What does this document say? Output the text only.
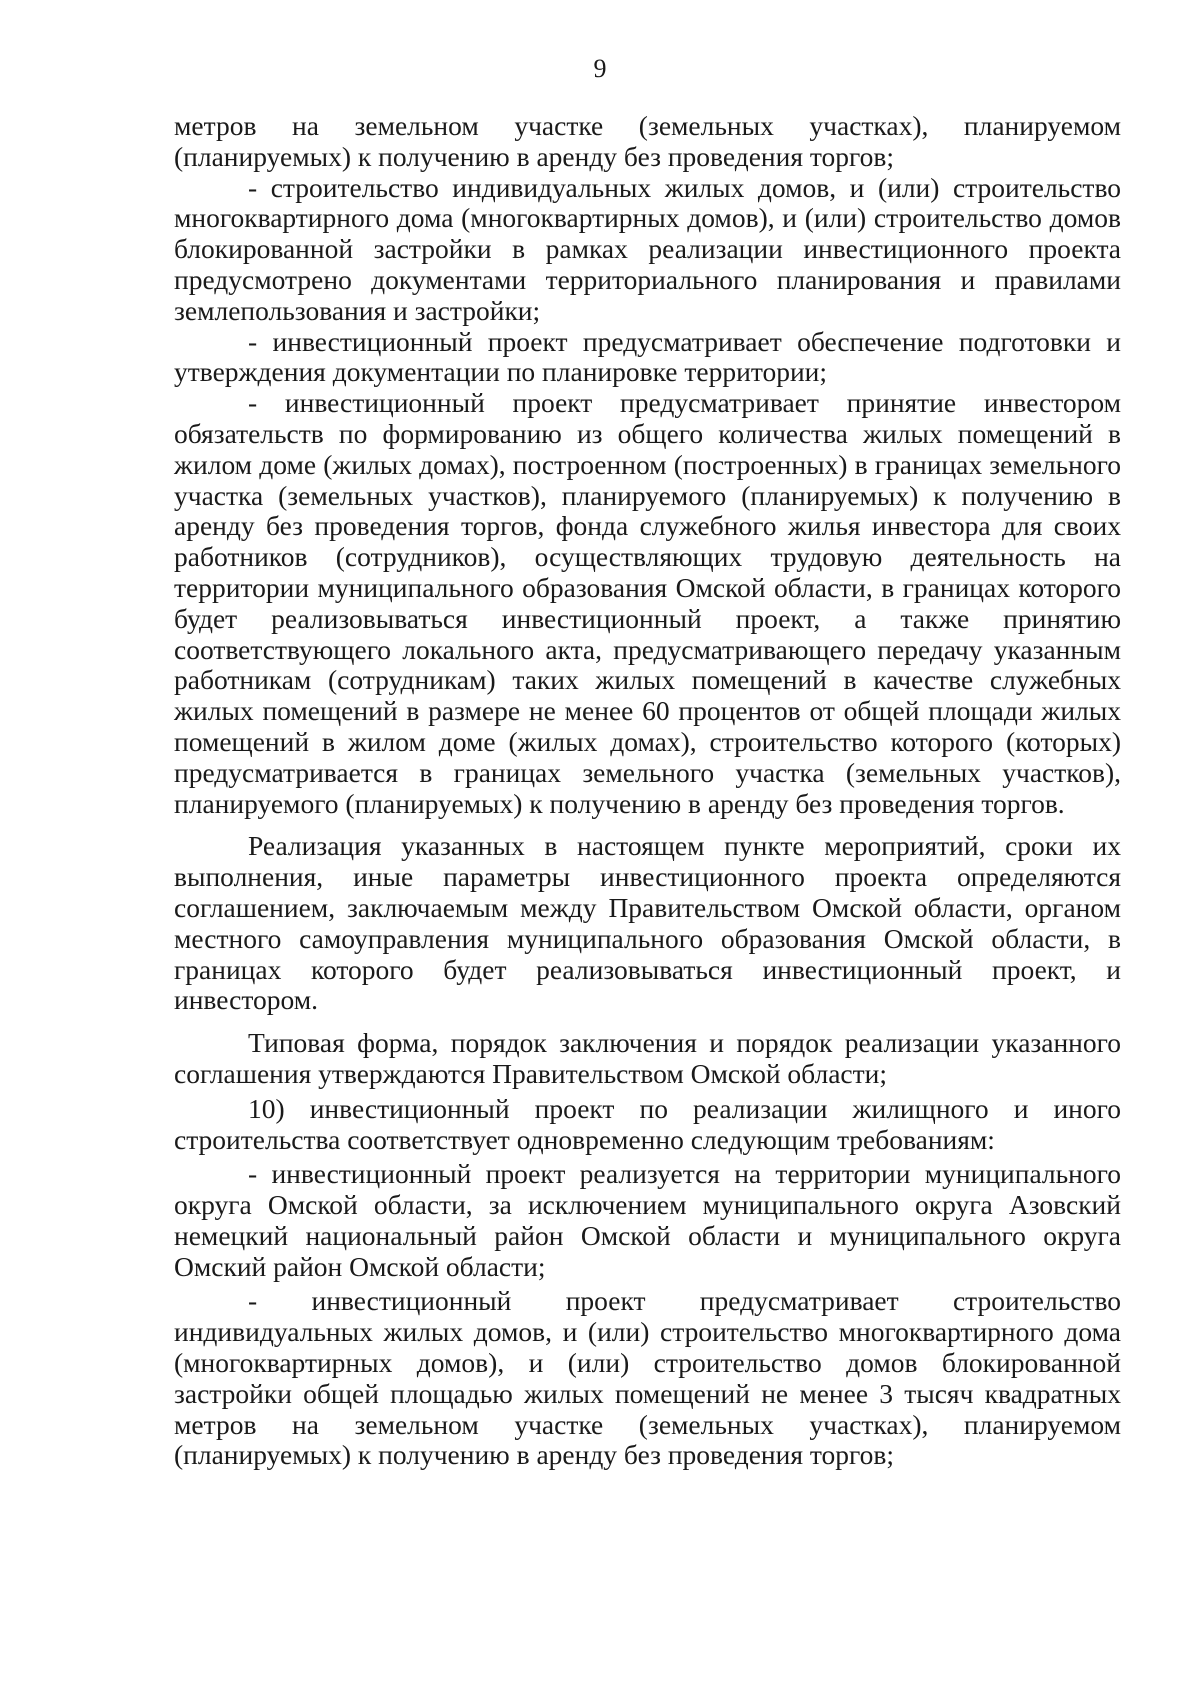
9

метров на земельном участке (земельных участках), планируемом (планируемых) к получению в аренду без проведения торгов;

- строительство индивидуальных жилых домов, и (или) строительство многоквартирного дома (многоквартирных домов), и (или) строительство домов блокированной застройки в рамках реализации инвестиционного проекта предусмотрено документами территориального планирования и правилами землепользования и застройки;

- инвестиционный проект предусматривает обеспечение подготовки и утверждения документации по планировке территории;

- инвестиционный проект предусматривает принятие инвестором обязательств по формированию из общего количества жилых помещений в жилом доме (жилых домах), построенном (построенных) в границах земельного участка (земельных участков), планируемого (планируемых) к получению в аренду без проведения торгов, фонда служебного жилья инвестора для своих работников (сотрудников), осуществляющих трудовую деятельность на территории муниципального образования Омской области, в границах которого будет реализовываться инвестиционный проект, а также принятию соответствующего локального акта, предусматривающего передачу указанным работникам (сотрудникам) таких жилых помещений в качестве служебных жилых помещений в размере не менее 60 процентов от общей площади жилых помещений в жилом доме (жилых домах), строительство которого (которых) предусматривается в границах земельного участка (земельных участков), планируемого (планируемых) к получению в аренду без проведения торгов.

Реализация указанных в настоящем пункте мероприятий, сроки их выполнения, иные параметры инвестиционного проекта определяются соглашением, заключаемым между Правительством Омской области, органом местного самоуправления муниципального образования Омской области, в границах которого будет реализовываться инвестиционный проект, и инвестором.

Типовая форма, порядок заключения и порядок реализации указанного соглашения утверждаются Правительством Омской области;

10) инвестиционный проект по реализации жилищного и иного строительства соответствует одновременно следующим требованиям:

- инвестиционный проект реализуется на территории муниципального округа Омской области, за исключением муниципального округа Азовский немецкий национальный район Омской области и муниципального округа Омский район Омской области;

- инвестиционный проект предусматривает строительство индивидуальных жилых домов, и (или) строительство многоквартирного дома (многоквартирных домов), и (или) строительство домов блокированной застройки общей площадью жилых помещений не менее 3 тысяч квадратных метров на земельном участке (земельных участках), планируемом (планируемых) к получению в аренду без проведения торгов;
